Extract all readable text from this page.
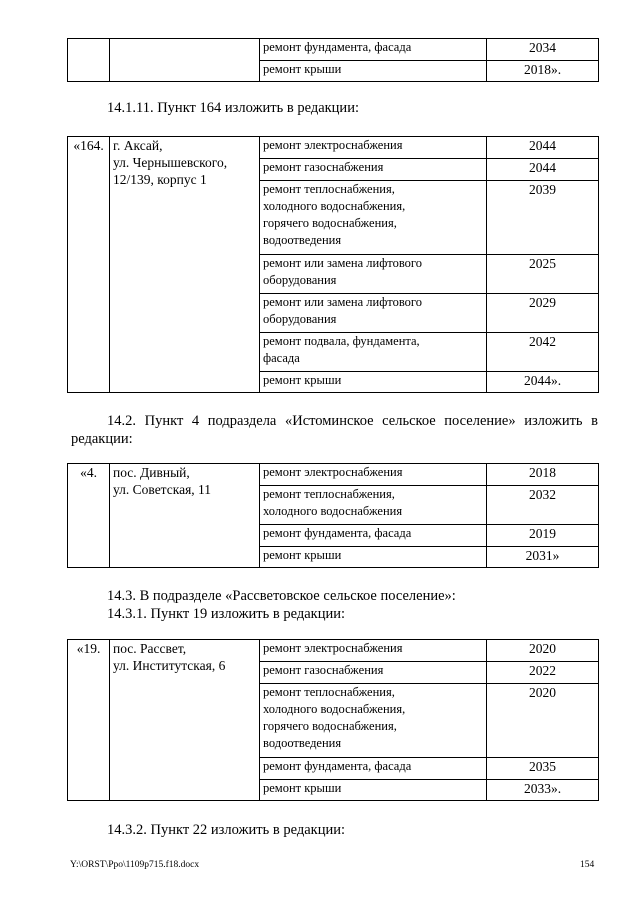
		ремонт фундамента, фасада	2034
		ремонт крыши	2018».

14.1.11. Пункт 164 изложить в редакции:

«164.	г. Аксай,
ул. Чернышевского,
12/139, корпус 1	ремонт электроснабжения	2044
		ремонт газоснабжения	2044
		ремонт теплоснабжения,
холодного водоснабжения,
горячего водоснабжения,
водоотведения	2039
		ремонт или замена лифтового
оборудования	2025
		ремонт или замена лифтового
оборудования	2029
		ремонт подвала, фундамента,
фасада	2042
		ремонт крыши	2044».

14.2. Пункт 4 подраздела «Истоминское сельское поселение» изложить в редакции:

«4.	пос. Дивный,
ул. Советская, 11	ремонт электроснабжения	2018
		ремонт теплоснабжения,
холодного водоснабжения	2032
		ремонт фундамента, фасада	2019
		ремонт крыши	2031»

14.3. В подразделе «Рассветовское сельское поселение»:

14.3.1. Пункт 19 изложить в редакции:

«19.	пос. Рассвет,
ул. Институтская, 6	ремонт электроснабжения	2020
		ремонт газоснабжения	2022
		ремонт теплоснабжения,
холодного водоснабжения,
горячего водоснабжения,
водоотведения	2020
		ремонт фундамента, фасада	2035
		ремонт крыши	2033».

14.3.2. Пункт 22 изложить в редакции:

Y:\ORST\Ppo\1109p715.f18.docx	154
